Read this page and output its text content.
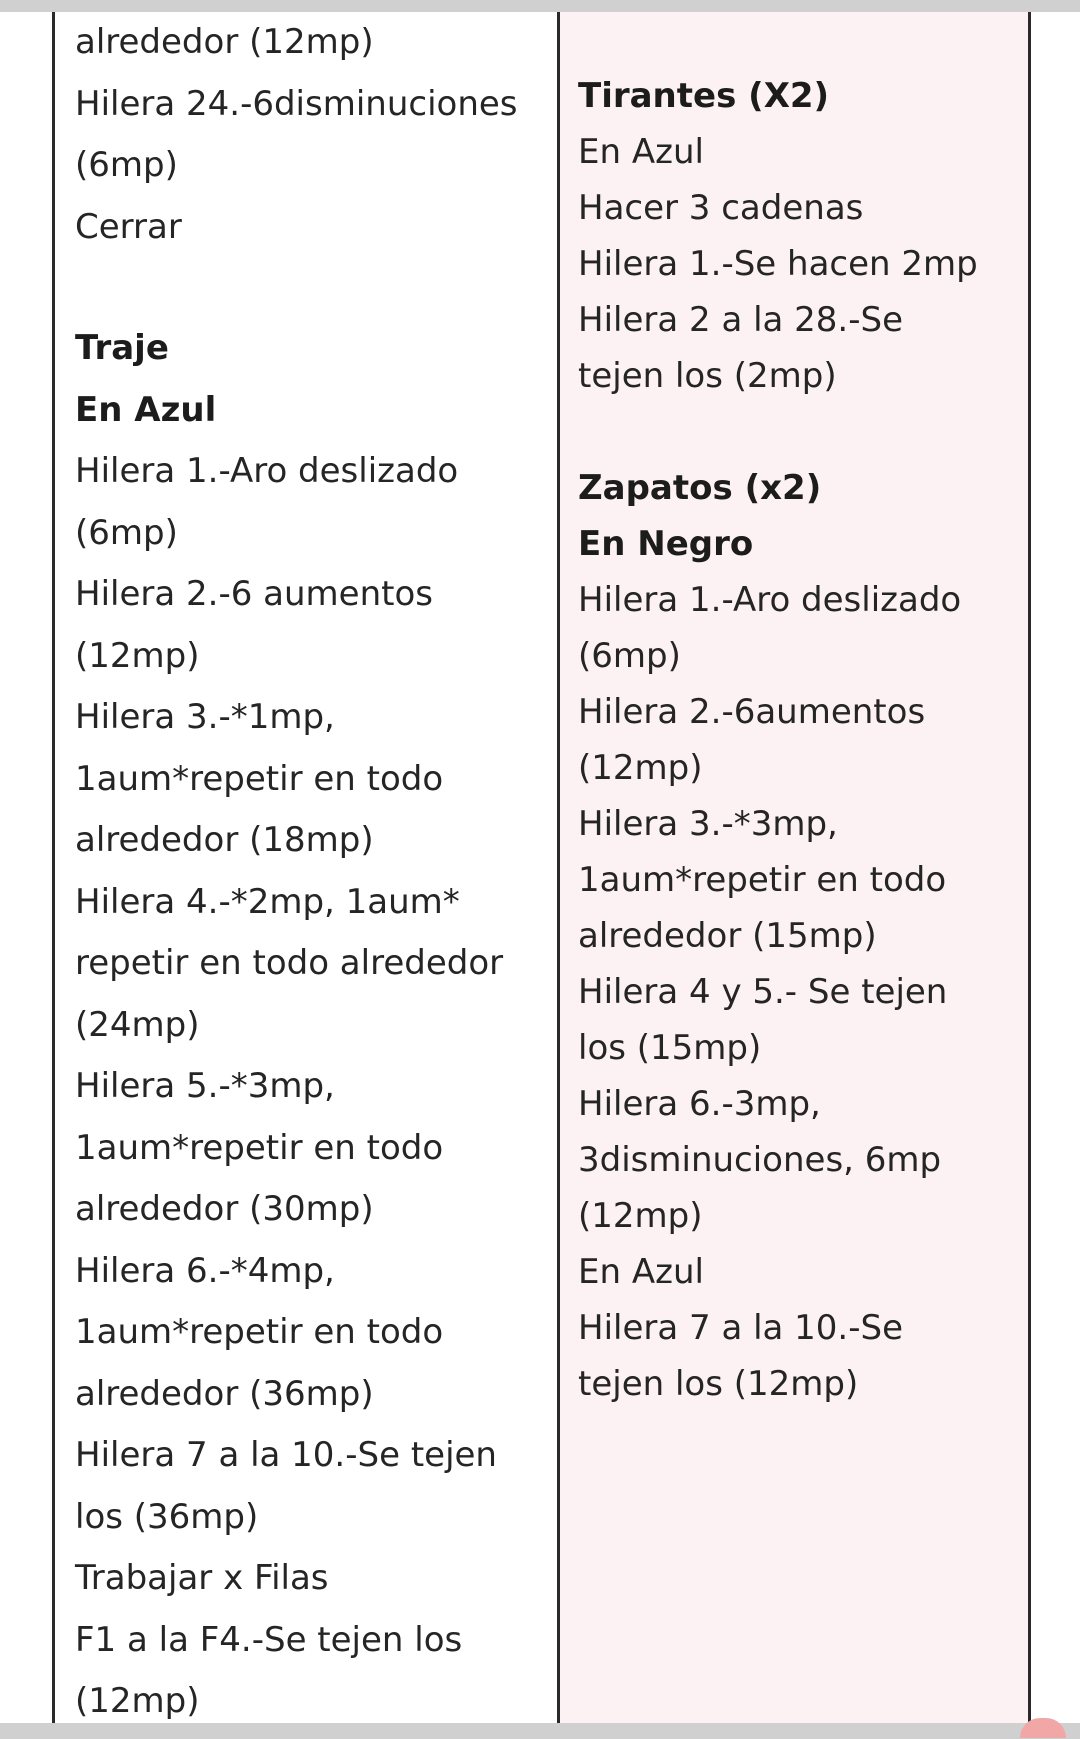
alrededor (12mp)
Hilera 24.-6disminuciones
(6mp)
Cerrar
Traje
En Azul
Hilera 1.-Aro deslizado
(6mp)
Hilera 2.-6 aumentos
(12mp)
Hilera 3.-*1mp,
1aum*repetir en todo
alrededor (18mp)
Hilera 4.-*2mp, 1aum*
repetir en todo alrededor
(24mp)
Hilera 5.-*3mp,
1aum*repetir en todo
alrededor (30mp)
Hilera 6.-*4mp,
1aum*repetir en todo
alrededor (36mp)
Hilera 7 a la 10.-Se tejen
los (36mp)
Trabajar x Filas
F1 a la F4.-Se tejen los
(12mp)
Tirantes (X2)
En Azul
Hacer 3 cadenas
Hilera 1.-Se hacen 2mp
Hilera 2 a la 28.-Se
tejen los (2mp)
Zapatos (x2)
En Negro
Hilera 1.-Aro deslizado
(6mp)
Hilera 2.-6aumentos
(12mp)
Hilera 3.-*3mp,
1aum*repetir en todo
alrededor (15mp)
Hilera 4 y 5.- Se tejen
los (15mp)
Hilera 6.-3mp,
3disminuciones, 6mp
(12mp)
En Azul
Hilera 7 a la 10.-Se
tejen los (12mp)
